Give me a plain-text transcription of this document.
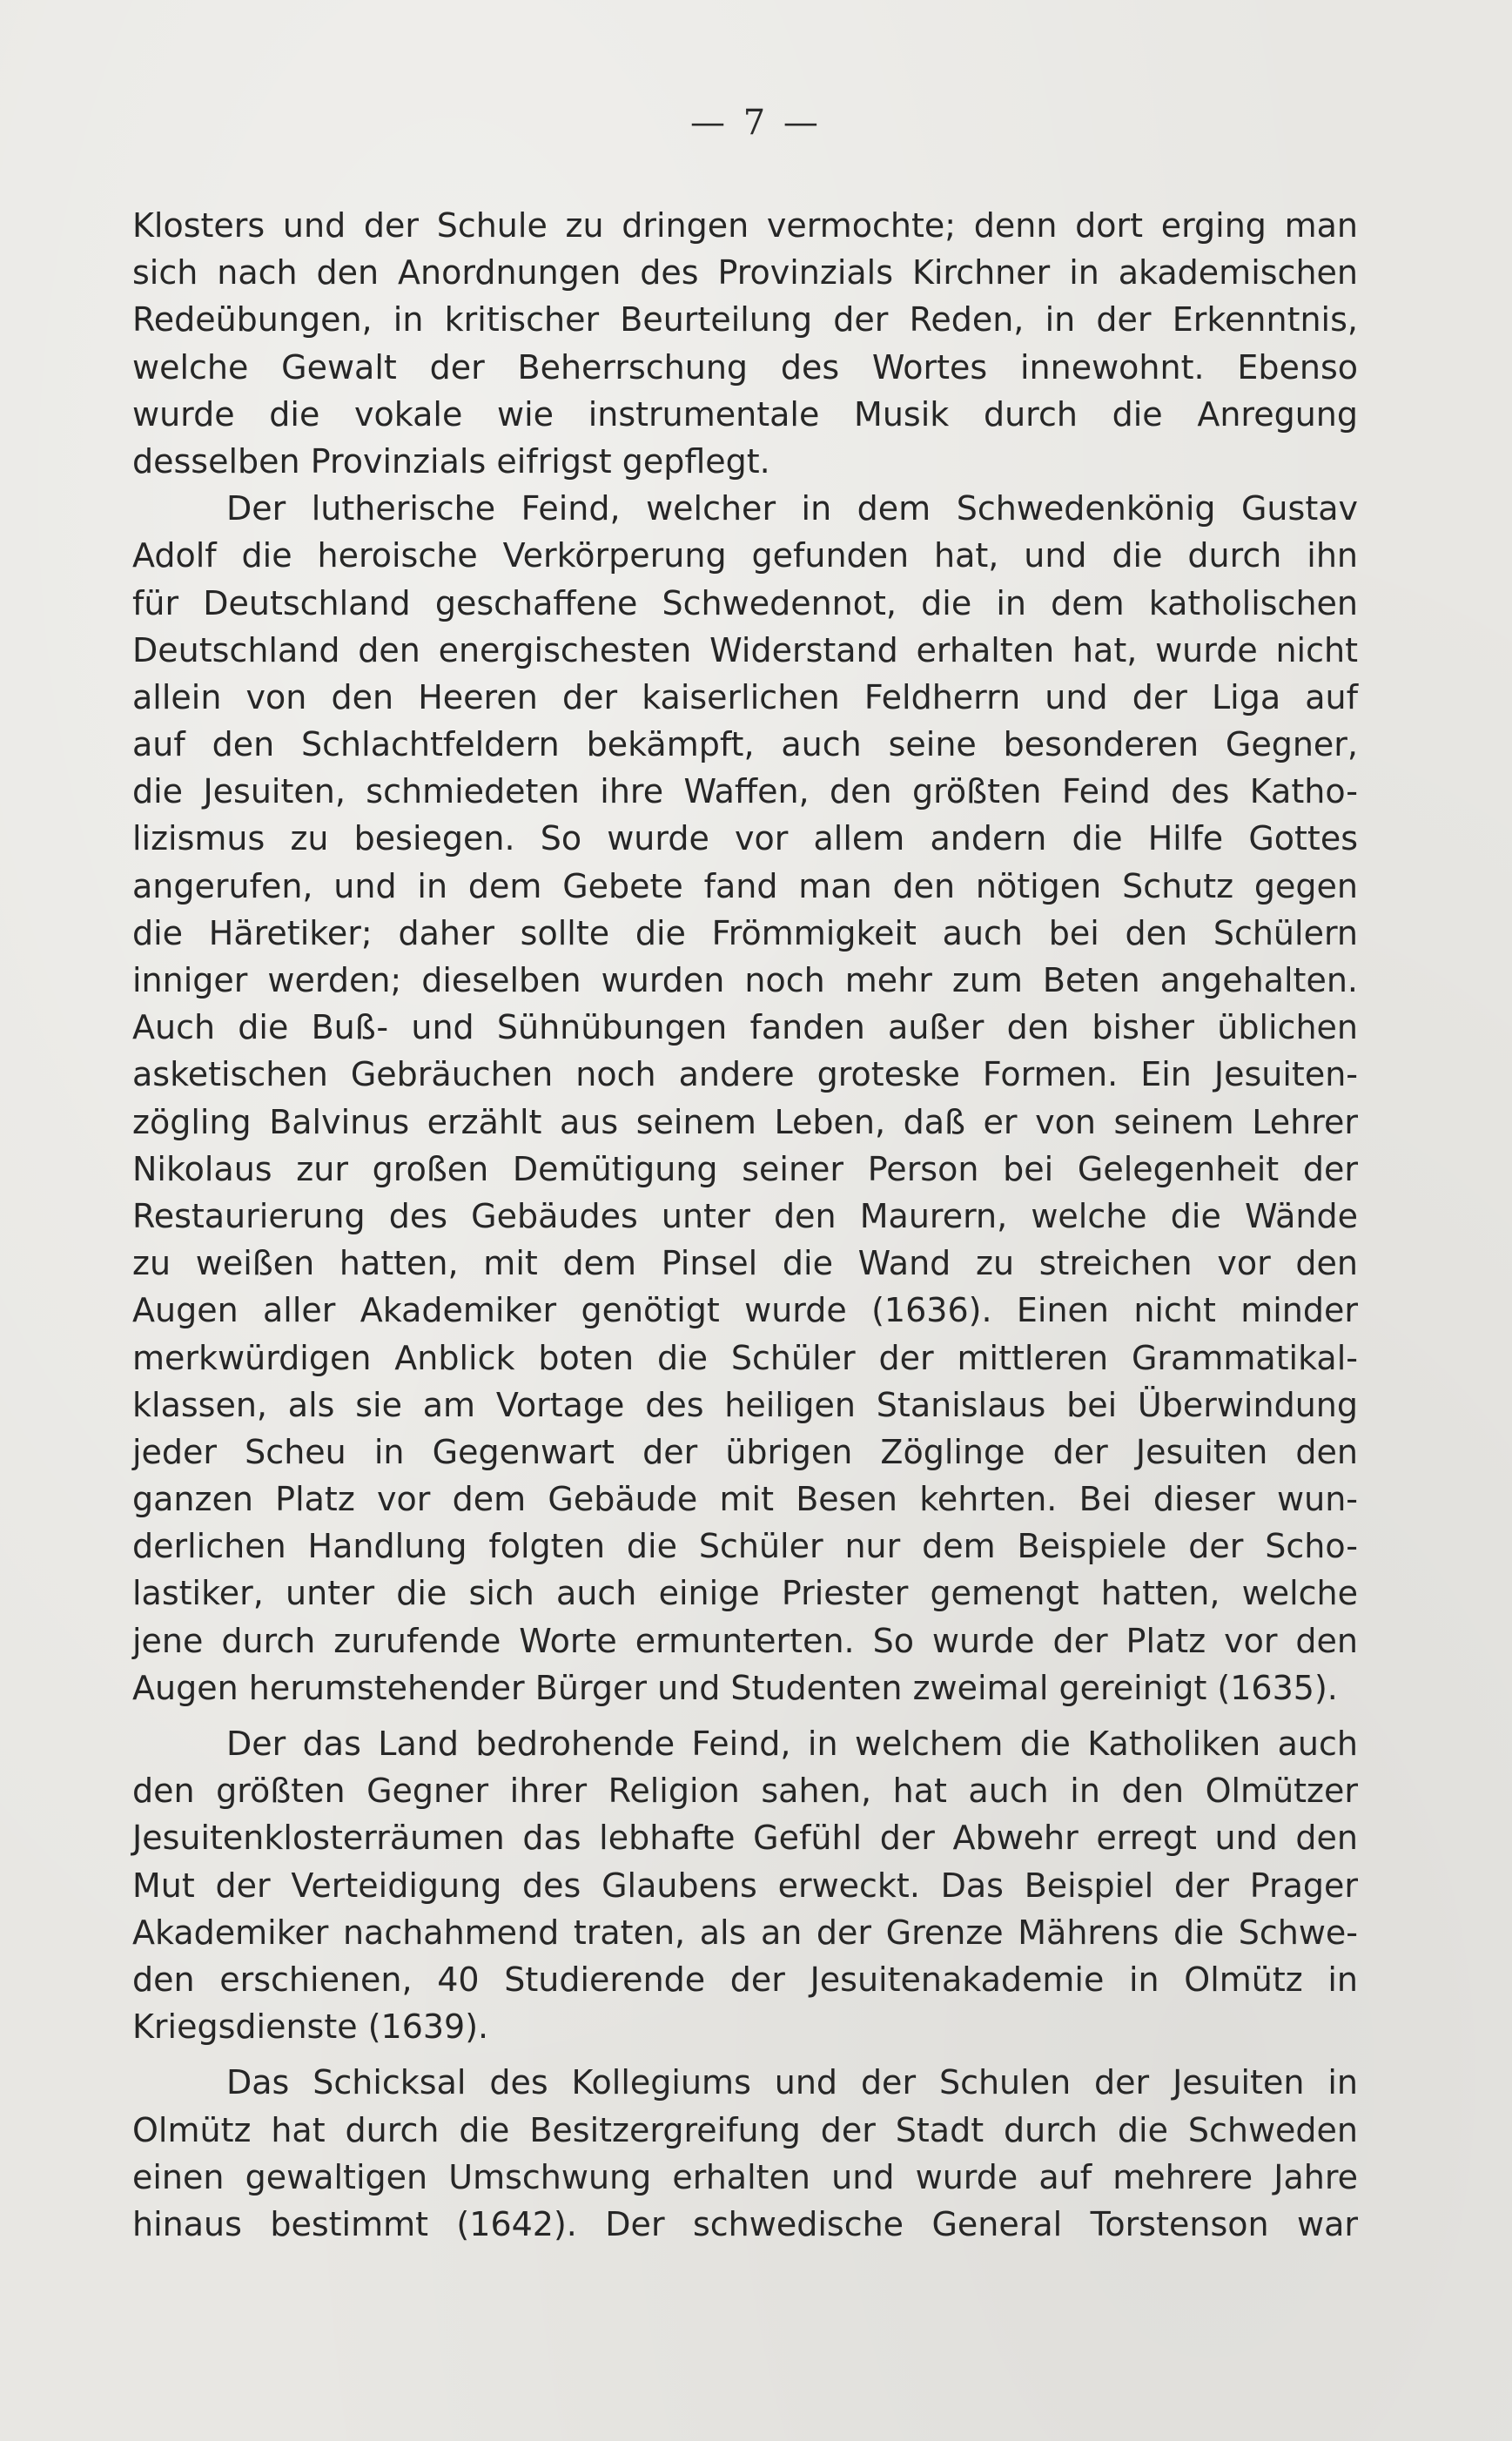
— 7 —
Klosters und der Schule zu dringen vermochte; denn dort erging man
sich nach den Anordnungen des Provinzials Kirchner in akademischen
Redeübungen, in kritischer Beurteilung der Reden, in der Erkenntnis,
welche Gewalt der Beherrschung des Wortes innewohnt. Ebenso
wurde die vokale wie instrumentale Musik durch die Anregung
desselben Provinzials eifrigst gepflegt.
Der lutherische Feind, welcher in dem Schwedenkönig Gustav
Adolf die heroische Verkörperung gefunden hat, und die durch ihn
für Deutschland geschaffene Schwedennot, die in dem katholischen
Deutschland den energischesten Widerstand erhalten hat, wurde nicht
allein von den Heeren der kaiserlichen Feldherrn und der Liga auf
auf den Schlachtfeldern bekämpft, auch seine besonderen Gegner,
die Jesuiten, schmiedeten ihre Waffen, den größten Feind des Katho-
lizismus zu besiegen. So wurde vor allem andern die Hilfe Gottes
angerufen, und in dem Gebete fand man den nötigen Schutz gegen
die Häretiker; daher sollte die Frömmigkeit auch bei den Schülern
inniger werden; dieselben wurden noch mehr zum Beten angehalten.
Auch die Buß- und Sühnübungen fanden außer den bisher üblichen
asketischen Gebräuchen noch andere groteske Formen. Ein Jesuiten-
zögling Balvinus erzählt aus seinem Leben, daß er von seinem Lehrer
Nikolaus zur großen Demütigung seiner Person bei Gelegenheit der
Restaurierung des Gebäudes unter den Maurern, welche die Wände
zu weißen hatten, mit dem Pinsel die Wand zu streichen vor den
Augen aller Akademiker genötigt wurde (1636). Einen nicht minder
merkwürdigen Anblick boten die Schüler der mittleren Grammatikal-
klassen, als sie am Vortage des heiligen Stanislaus bei Überwindung
jeder Scheu in Gegenwart der übrigen Zöglinge der Jesuiten den
ganzen Platz vor dem Gebäude mit Besen kehrten. Bei dieser wun-
derlichen Handlung folgten die Schüler nur dem Beispiele der Scho-
lastiker, unter die sich auch einige Priester gemengt hatten, welche
jene durch zurufende Worte ermunterten. So wurde der Platz vor den
Augen herumstehender Bürger und Studenten zweimal gereinigt (1635).
Der das Land bedrohende Feind, in welchem die Katholiken auch
den größten Gegner ihrer Religion sahen, hat auch in den Olmützer
Jesuitenklosterräumen das lebhafte Gefühl der Abwehr erregt und den
Mut der Verteidigung des Glaubens erweckt. Das Beispiel der Prager
Akademiker nachahmend traten, als an der Grenze Mährens die Schwe-
den erschienen, 40 Studierende der Jesuitenakademie in Olmütz in
Kriegsdienste (1639).
Das Schicksal des Kollegiums und der Schulen der Jesuiten in
Olmütz hat durch die Besitzergreifung der Stadt durch die Schweden
einen gewaltigen Umschwung erhalten und wurde auf mehrere Jahre
hinaus bestimmt (1642). Der schwedische General Torstenson war
